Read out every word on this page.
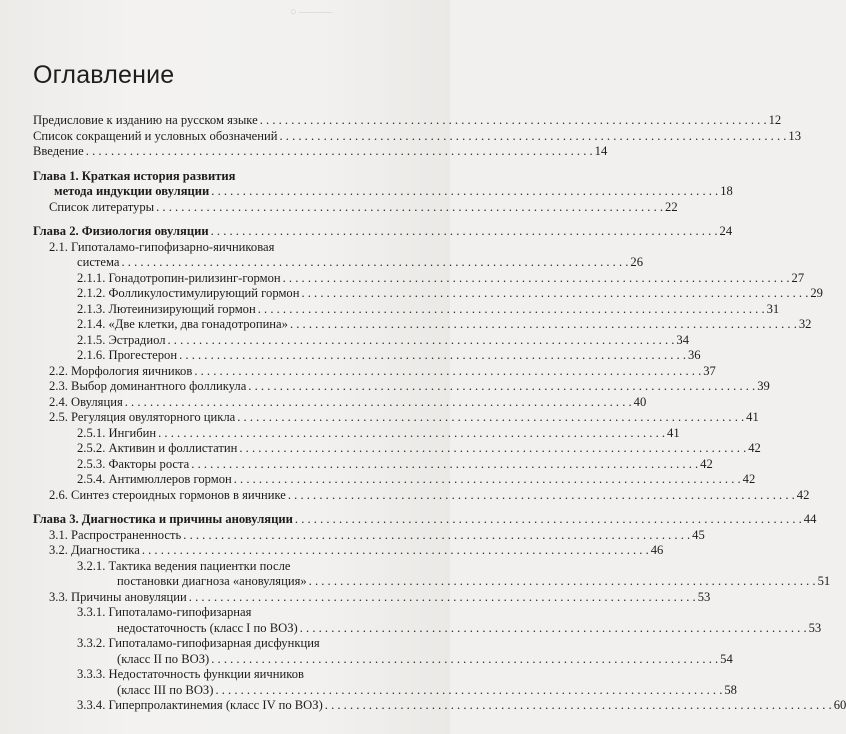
○ ———
Оглавление
Предисловие к изданию на русском языке . . .	12
Список сокращений и условных обозначений . . .	13
Введение . . .	14
Глава 1. Краткая история развития
метода индукции овуляции . . .	18
Список литературы . . .	22
Глава 2. Физиология овуляции . . .	24
2.1. Гипоталамо-гипофизарно-яичниковая
система . . .	26
2.1.1. Гонадотропин-рилизинг-гормон . . .	27
2.1.2. Фолликулостимулирующий гормон . . .	29
2.1.3. Лютеинизирующий гормон . . .	31
2.1.4. «Две клетки, два гонадотропина» . . .	32
2.1.5. Эстрадиол . . .	34
2.1.6. Прогестерон . . .	36
2.2. Морфология яичников . . .	37
2.3. Выбор доминантного фолликула . . .	39
2.4. Овуляция . . .	40
2.5. Регуляция овуляторного цикла . . .	41
2.5.1. Ингибин . . .	41
2.5.2. Активин и фоллистатин . . .	42
2.5.3. Факторы роста . . .	42
2.5.4. Антимюллеров гормон . . .	42
2.6. Синтез стероидных гормонов в яичнике . . .	42
Глава 3. Диагностика и причины ановуляции . . .	44
3.1. Распространенность . . .	45
3.2. Диагностика . . .	46
3.2.1. Тактика ведения пациентки после
постановки диагноза «ановуляция» . . .	51
3.3. Причины ановуляции . . .	53
3.3.1. Гипоталамо-гипофизарная
недостаточность (класс I по ВОЗ) . . .	53
3.3.2. Гипоталамо-гипофизарная дисфункция
(класс II по ВОЗ) . . .	54
3.3.3. Недостаточность функции яичников
(класс III по ВОЗ) . . .	58
3.3.4. Гиперпролактинемия (класс IV по ВОЗ) . . .	60
